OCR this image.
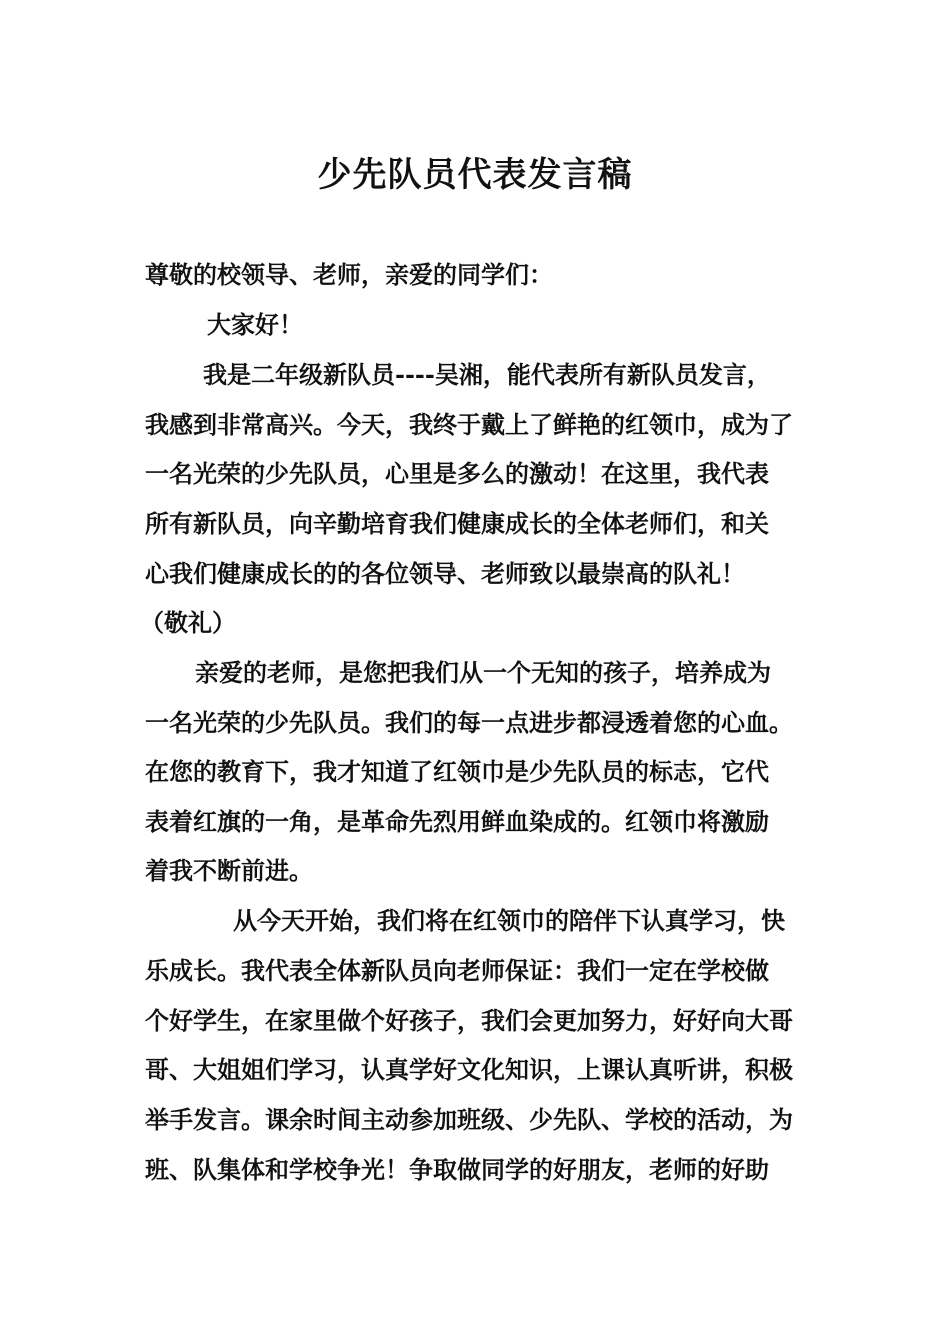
少先队员代表发言稿
尊敬的校领导、老师，亲爱的同学们：
大家好！
我是二年级新队员----吴湘，能代表所有新队员发言，
我感到非常高兴。今天，我终于戴上了鲜艳的红领巾，成为了
一名光荣的少先队员，心里是多么的激动！在这里，我代表
所有新队员，向辛勤培育我们健康成长的全体老师们，和关
心我们健康成长的的各位领导、老师致以最崇高的队礼！
（敬礼）
亲爱的老师，是您把我们从一个无知的孩子，培养成为
一名光荣的少先队员。我们的每一点进步都浸透着您的心血。
在您的教育下，我才知道了红领巾是少先队员的标志，它代
表着红旗的一角，是革命先烈用鲜血染成的。红领巾将激励
着我不断前进。
从今天开始，我们将在红领巾的陪伴下认真学习，快
乐成长。我代表全体新队员向老师保证：我们一定在学校做
个好学生，在家里做个好孩子，我们会更加努力，好好向大哥
哥、大姐姐们学习，认真学好文化知识，上课认真听讲，积极
举手发言。课余时间主动参加班级、少先队、学校的活动，为
班、队集体和学校争光！争取做同学的好朋友，老师的好助
